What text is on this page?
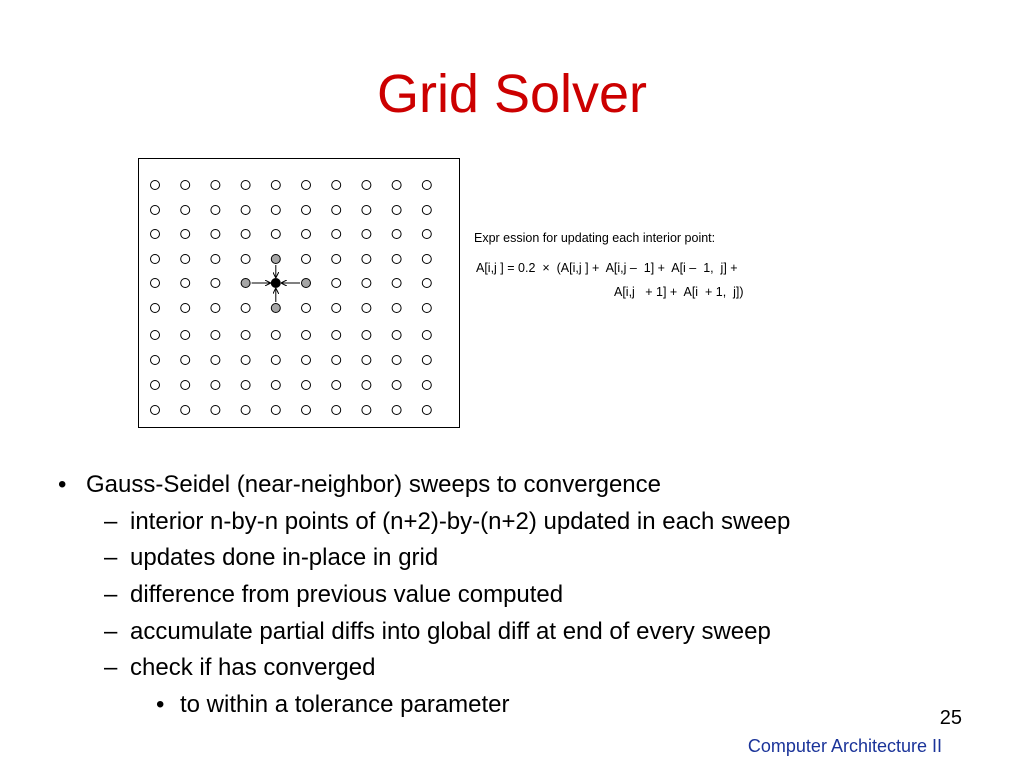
Grid Solver
Expr ession for updating each interior point:
A[i,j ] = 0.2  ×  (A[i,j ] +  A[i,j –  1] +  A[i –  1,  j] +
A[i,j   + 1] +  A[i  + 1,  j])
• Gauss-Seidel (near-neighbor) sweeps to convergence
– interior n-by-n points of (n+2)-by-(n+2) updated in each sweep
– updates done in-place in grid
– difference from previous value computed
– accumulate partial diffs into global diff at end of every sweep
– check if has converged
• to within a tolerance parameter	25
Computer Architecture II
